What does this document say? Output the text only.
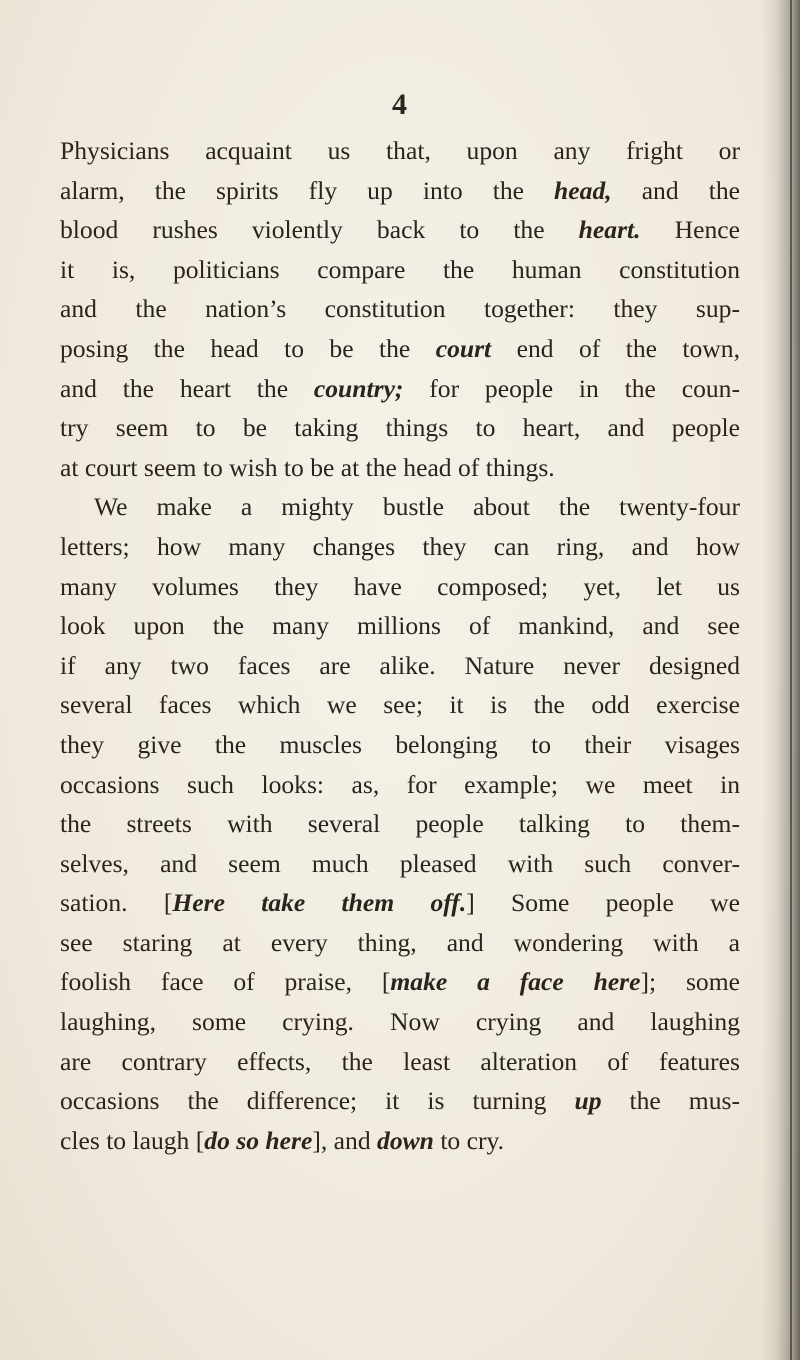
4
Physicians acquaint us that, upon any fright or
alarm, the spirits fly up into the head, and the
blood rushes violently back to the heart. Hence
it is, politicians compare the human constitution
and the nation’s constitution together: they sup-
posing the head to be the court end of the town,
and the heart the country; for people in the coun-
try seem to be taking things to heart, and people
at court seem to wish to be at the head of things.
We make a mighty bustle about the twenty-four
letters; how many changes they can ring, and how
many volumes they have composed; yet, let us
look upon the many millions of mankind, and see
if any two faces are alike. Nature never designed
several faces which we see; it is the odd exercise
they give the muscles belonging to their visages
occasions such looks: as, for example; we meet in
the streets with several people talking to them-
selves, and seem much pleased with such conver-
sation. [Here take them off.] Some people we
see staring at every thing, and wondering with a
foolish face of praise, [make a face here]; some
laughing, some crying. Now crying and laughing
are contrary effects, the least alteration of features
occasions the difference; it is turning up the mus-
cles to laugh [do so here], and down to cry.
